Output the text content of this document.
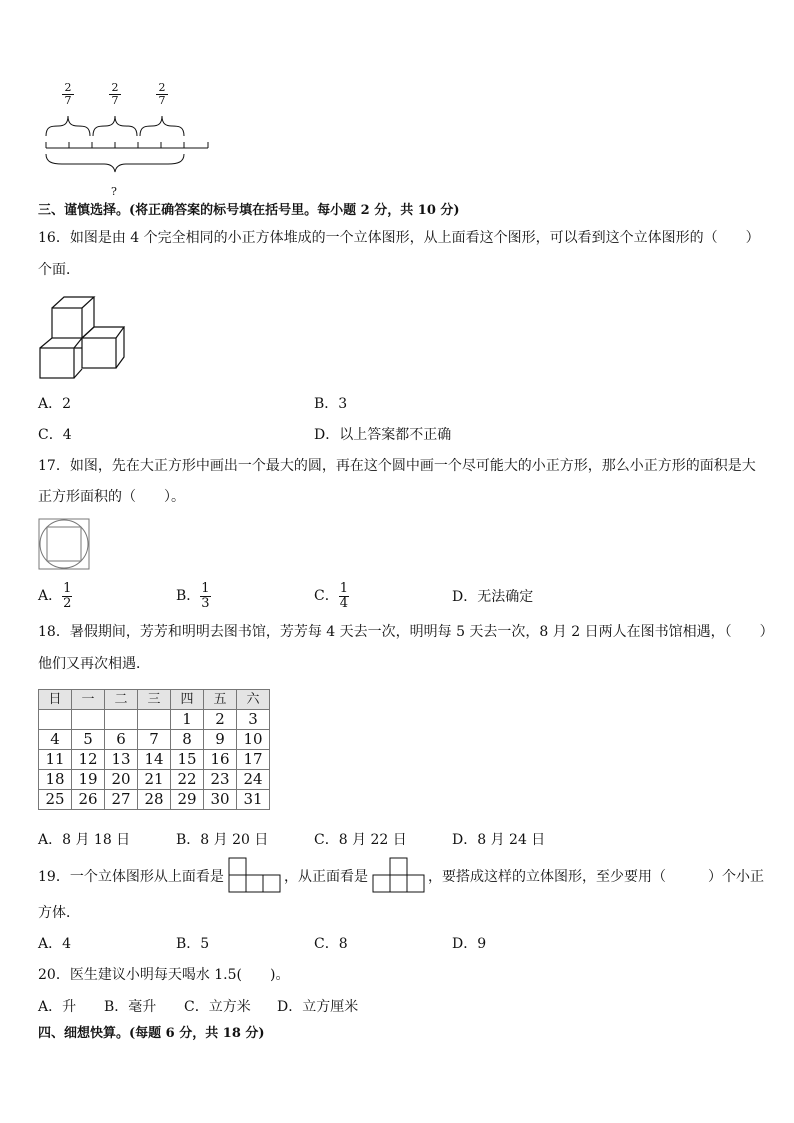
$\frac{2}{7}$	$\frac{2}{7}$	$\frac{2}{7}$
?
三、谨慎选择。(将正确答案的标号填在括号里。每小题 2 分，共 10 分)
16．如图是由 4 个完全相同的小正方体堆成的一个立体图形，从上面看这个图形，可以看到这个立体图形的（　　）
个面．
A．2	B．3
C．4	D．以上答案都不正确
17．如图，先在大正方形中画出一个最大的圆，再在这个圆中画一个尽可能大的小正方形，那么小正方形的面积是大
正方形面积的（　　）。
A． $\frac{1}{2}$	B． $\frac{1}{3}$	C． $\frac{1}{4}$	D．无法确定
18．暑假期间，芳芳和明明去图书馆，芳芳每 4 天去一次，明明每 5 天去一次，8 月 2 日两人在图书馆相遇，（　　）
他们又再次相遇．
日	一	二	三	四	五	六
				1	2	3
4	5	6	7	8	9	10
11	12	13	14	15	16	17
18	19	20	21	22	23	24
25	26	27	28	29	30	31
A．8 月 18 日	B．8 月 20 日	C．8 月 22 日	D．8 月 24 日
19．一个立体图形从上面看是	，从正面看是	，要搭成这样的立体图形，至少要用（　　　）个小正
方体．
A．4	B．5	C．8	D．9
20．医生建议小明每天喝水 1.5(　　)。
A．升 B．毫升 C．立方米 D．立方厘米
四、细想快算。(每题 6 分，共 18 分)
